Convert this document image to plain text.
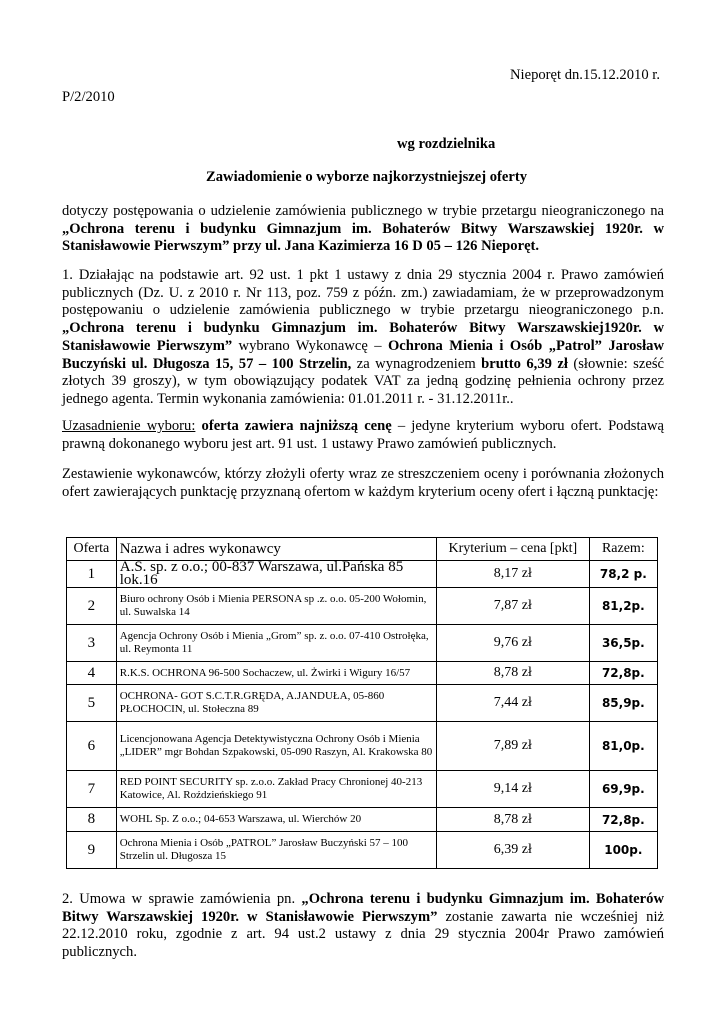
Nieporęt dn.15.12.2010 r.
P/2/2010
wg rozdzielnika
Zawiadomienie o wyborze najkorzystniejszej oferty
dotyczy postępowania o udzielenie zamówienia publicznego w trybie przetargu nieograniczonego na „Ochrona terenu i budynku Gimnazjum im. Bohaterów Bitwy Warszawskiej 1920r. w Stanisławowie Pierwszym” przy ul. Jana Kazimierza 16 D 05 – 126 Nieporęt.
1. Działając na podstawie art. 92 ust. 1 pkt 1 ustawy z dnia 29 stycznia 2004 r. Prawo zamówień publicznych (Dz. U. z 2010 r. Nr 113, poz. 759 z późn. zm.) zawiadamiam, że w przeprowadzonym postępowaniu o udzielenie zamówienia publicznego w trybie przetargu nieograniczonego p.n. „Ochrona terenu i budynku Gimnazjum im. Bohaterów Bitwy Warszawskiej1920r. w Stanisławowie Pierwszym” wybrano Wykonawcę – Ochrona Mienia i Osób „Patrol” Jarosław Buczyński ul. Długosza 15, 57 – 100 Strzelin, za wynagrodzeniem brutto 6,39 zł (słownie: sześć złotych 39 groszy), w tym obowiązujący podatek VAT za jedną godzinę pełnienia ochrony przez jednego agenta. Termin wykonania zamówienia: 01.01.2011 r. - 31.12.2011r..
Uzasadnienie wyboru: oferta zawiera najniższą cenę – jedyne kryterium wyboru ofert. Podstawą prawną dokonanego wyboru jest art. 91 ust. 1 ustawy Prawo zamówień publicznych.
Zestawienie wykonawców, którzy złożyli oferty wraz ze streszczeniem oceny i porównania złożonych ofert zawierających punktację przyznaną ofertom w każdym kryterium oceny ofert i łączną punktację:
Oferta	Nazwa i adres wykonawcy	Kryterium – cena [pkt]	Razem:
1	A.S. sp. z o.o.; 00-837 Warszawa, ul.Pańska 85 lok.16	8,17 zł	78,2 p.
2	Biuro ochrony Osób i Mienia PERSONA sp .z. o.o. 05-200 Wołomin, ul. Suwalska 14	7,87 zł	81,2p.
3	Agencja Ochrony Osób i Mienia „Grom” sp. z. o.o. 07-410 Ostrołęka, ul. Reymonta 11	9,76 zł	36,5p.
4	R.K.S. OCHRONA 96-500 Sochaczew, ul. Żwirki i Wigury 16/57	8,78 zł	72,8p.
5	OCHRONA- GOT S.C.T.R.GRĘDA, A.JANDUŁA, 05-860 PŁOCHOCIN, ul. Stołeczna 89	7,44 zł	85,9p.
6	Licencjonowana Agencja Detektywistyczna Ochrony Osób i Mienia „LIDER” mgr Bohdan Szpakowski, 05-090 Raszyn, Al. Krakowska 80	7,89 zł	81,0p.
7	RED POINT SECURITY sp. z.o.o. Zakład Pracy Chronionej 40-213 Katowice, Al. Roździeńskiego 91	9,14 zł	69,9p.
8	WOHL Sp. Z o.o.; 04-653 Warszawa, ul. Wierchów 20	8,78 zł	72,8p.
9	Ochrona Mienia i Osób „PATROL” Jarosław Buczyński 57 – 100 Strzelin ul. Długosza 15	6,39 zł	100p.
2. Umowa w sprawie zamówienia pn. „Ochrona terenu i budynku Gimnazjum im. Bohaterów Bitwy Warszawskiej 1920r. w Stanisławowie Pierwszym” zostanie zawarta nie wcześniej niż 22.12.2010 roku, zgodnie z art. 94 ust.2 ustawy z dnia 29 stycznia 2004r Prawo zamówień publicznych.
